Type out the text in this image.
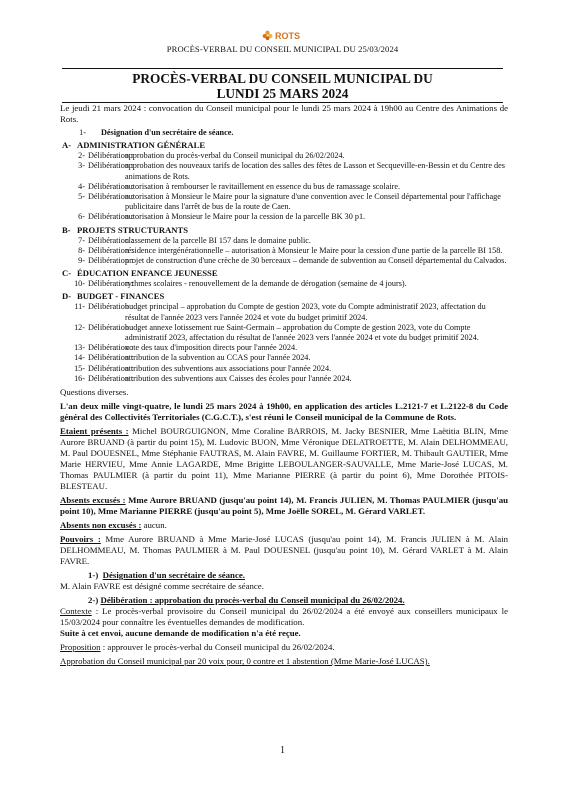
ROTS
PROCÈS-VERBAL DU CONSEIL MUNICIPAL DU 25/03/2024
PROCÈS-VERBAL DU CONSEIL MUNICIPAL DU
LUNDI 25 MARS 2024

Le jeudi 21 mars 2024 : convocation du Conseil municipal pour le lundi 25 mars 2024 à 19h00 au Centre des Animations de Rots.

1- Désignation d'un secrétaire de séance.
A- ADMINISTRATION GÉNÉRALE
2- Délibération :
approbation du procès-verbal du Conseil municipal du 26/02/2024.
3- Délibération :
approbation des nouveaux tarifs de location des salles des fêtes de Lasson et Secqueville-en-Bessin et du Centre des animations de Rots.
4- Délibération :
autorisation à rembourser le ravitaillement en essence du bus de ramassage scolaire.
5- Délibération :
autorisation à Monsieur le Maire pour la signature d'une convention avec le Conseil départemental pour l'affichage publicitaire dans l'arrêt de bus de la route de Caen.
6- Délibération :
autorisation à Monsieur le Maire pour la cession de la parcelle BK 30 p1.
B- PROJETS STRUCTURANTS
7- Délibération :
classement de la parcelle BI 157 dans le domaine public.
8- Délibération :
résidence intergénérationnelle – autorisation à Monsieur le Maire pour la cession d'une partie de la parcelle BI 158.
9- Délibération :
projet de construction d'une crèche de 30 berceaux – demande de subvention au Conseil départemental du Calvados.
C- ÉDUCATION ENFANCE JEUNESSE
10- Délibération :
rythmes scolaires - renouvellement de la demande de dérogation (semaine de 4 jours).
D- BUDGET - FINANCES
11- Délibération :
budget principal – approbation du Compte de gestion 2023, vote du Compte administratif 2023, affectation du résultat de l'année 2023 vers l'année 2024 et vote du budget primitif 2024.
12- Délibération :
budget annexe lotissement rue Saint-Germain – approbation du Compte de gestion 2023, vote du Compte administratif 2023, affectation du résultat de l'année 2023 vers l'année 2024 et vote du budget primitif 2024.
13- Délibération :
vote des taux d'imposition directs pour l'année 2024.
14- Délibération :
attribution de la subvention au CCAS pour l'année 2024.
15- Délibération :
attribution des subventions aux associations pour l'année 2024.
16- Délibération :
attribution des subventions aux Caisses des écoles pour l'année 2024.

Questions diverses.

L'an deux mille vingt-quatre, le lundi 25 mars 2024 à 19h00, en application des articles L.2121-7 et L.2122-8 du Code général des Collectivités Territoriales (C.G.C.T.), s'est réuni le Conseil municipal de la Commune de Rots.

Etaient présents : Michel BOURGUIGNON, Mme Coraline BARROIS, M. Jacky BESNIER, Mme Laëtitia BLIN, Mme Aurore BRUAND (à partir du point 15), M. Ludovic BUON, Mme Véronique DELATROETTE, M. Alain DELHOMMEAU, M. Paul DOUESNEL, Mme Stéphanie FAUTRAS, M. Alain FAVRE, M. Guillaume FORTIER, M. Thibault GAUTIER, Mme Marie HERVIEU, Mme Annie LAGARDE, Mme Brigitte LEBOULANGER-SAUVALLE, Mme Marie-José LUCAS, M. Thomas PAULMIER (à partir du point 11), Mme Marianne PIERRE (à partir du point 6), Mme Dorothée PITOIS-BLESTEAU.

Absents excusés : Mme Aurore BRUAND (jusqu'au point 14), M. Francis JULIEN, M. Thomas PAULMIER (jusqu'au point 10), Mme Marianne PIERRE (jusqu'au point 5), Mme Joëlle SOREL, M. Gérard VARLET.

Absents non excusés : aucun.

Pouvoirs : Mme Aurore BRUAND à Mme Marie-José LUCAS (jusqu'au point 14), M. Francis JULIEN à M. Alain DELHOMMEAU, M. Thomas PAULMIER à M. Paul DOUESNEL (jusqu'au point 10), M. Gérard VARLET à M. Alain FAVRE.

1-) Désignation d'un secrétaire de séance.

M. Alain FAVRE est désigné comme secrétaire de séance.

2-) Délibération : approbation du procès-verbal du Conseil municipal du 26/02/2024.

Contexte : Le procès-verbal provisoire du Conseil municipal du 26/02/2024 a été envoyé aux conseillers municipaux le 15/03/2024 pour connaître les éventuelles demandes de modification.

Suite à cet envoi, aucune demande de modification n'a été reçue.

Proposition : approuver le procès-verbal du Conseil municipal du 26/02/2024.

Approbation du Conseil municipal par 20 voix pour, 0 contre et 1 abstention (Mme Marie-José LUCAS).

1
